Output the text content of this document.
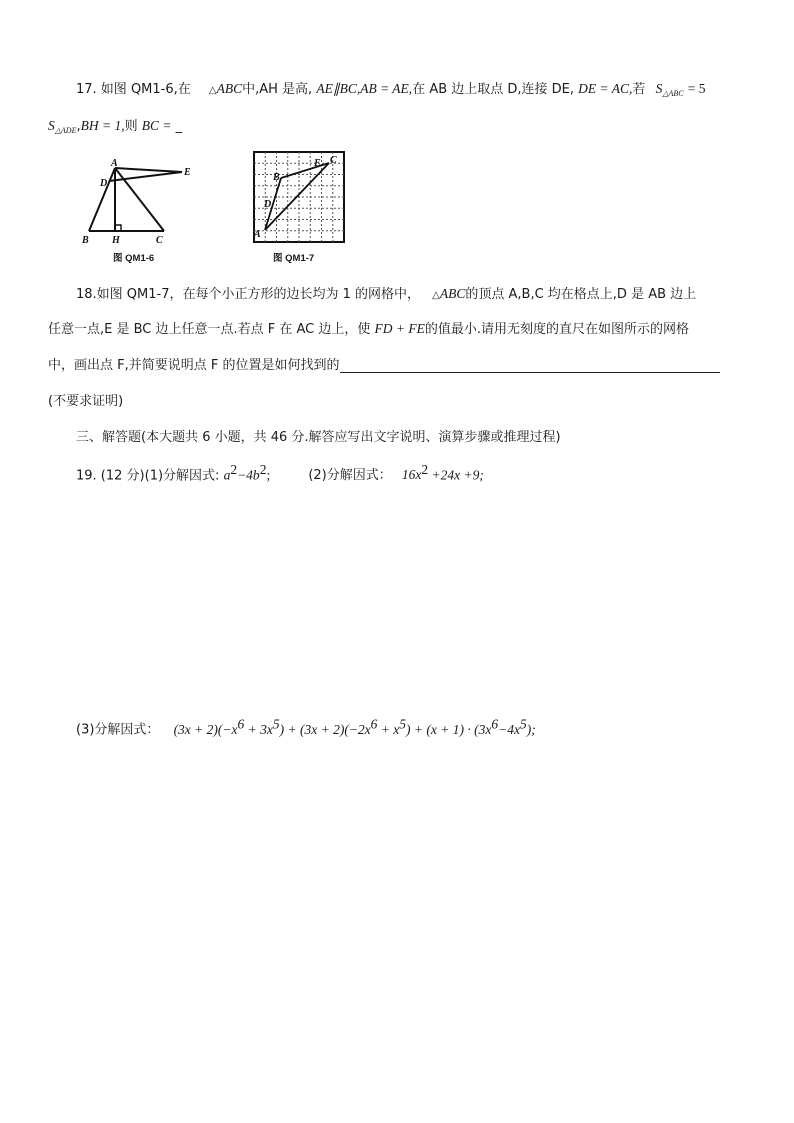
17. 如图 QM1-6,在 △ABC中,AH 是高, AE∥BC,AB = AE,在 AB 边上取点 D,连接 DE, DE = AC,若 $S_{\triangle ABC} = 5$
$S_{\triangle ADE},BH = 1$,则 BC = _
A
D
E
B H	C
图 QM1-6
A
B
C
D
E
图 QM1-7
18.如图 QM1-7，在每个小正方形的边长均为 1 的网格中， △ABC的顶点 A,B,C 均在格点上,D 是 AB 边上
任意一点,E 是 BC 边上任意一点.若点 F 在 AC 边上，使 FD + FE的值最小.请用无刻度的直尺在如图所示的网格
中，画出点 F,并简要说明点 F 的位置是如何找到的
(不要求证明)
三、解答题(本大题共 6 小题，共 46 分.解答应写出文字说明、演算步骤或推理过程)
19. (12 分)(1)分解因式: $a^2-4b^2$;	(2)分解因式： $16x^2 +24x +9$;
(3)分解因式： $(3x + 2)(-x^6 + 3x^5) + (3x + 2)(-2x^6 + x^5) + (x + 1) \cdot (3x^6-4x^5)$;
